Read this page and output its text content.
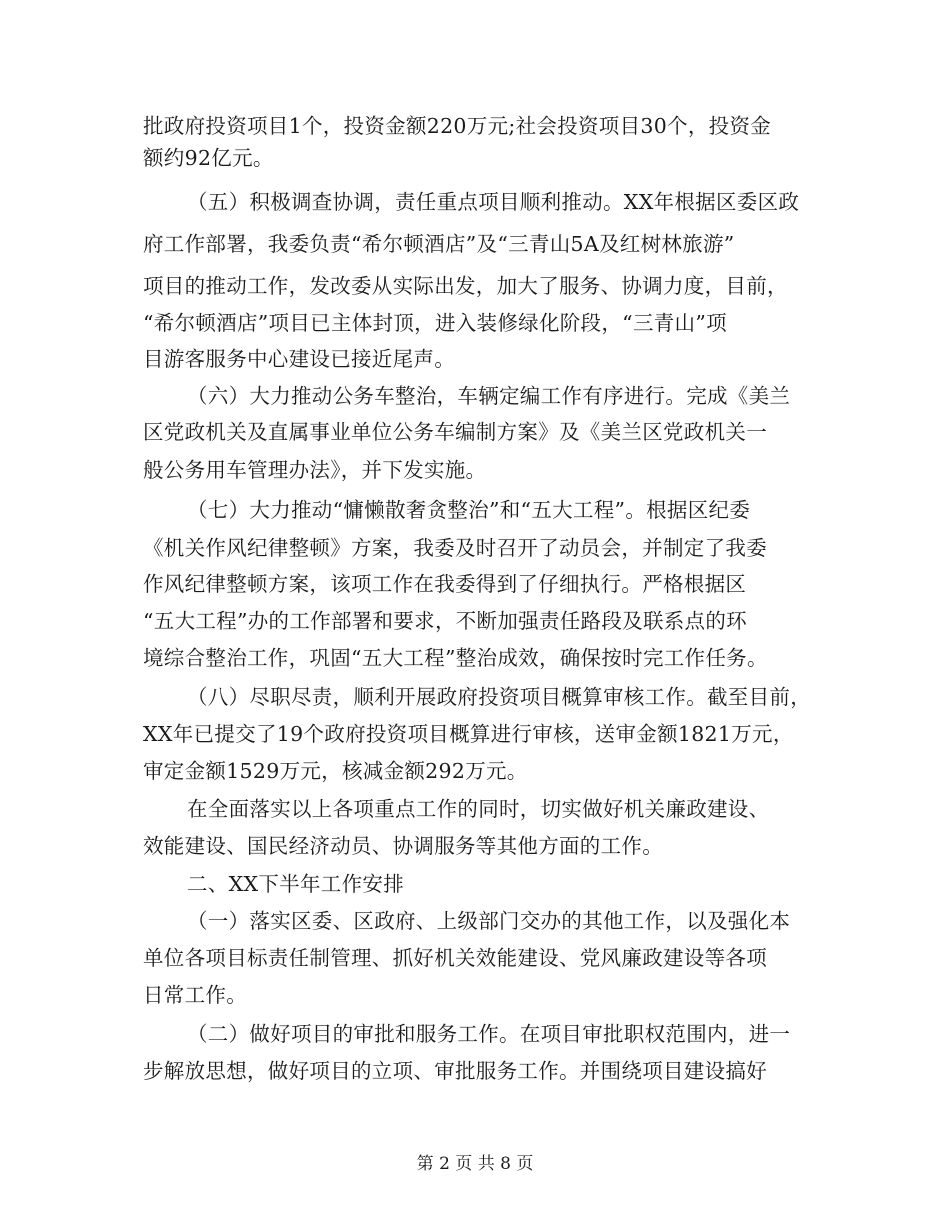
批政府投资项目1个，投资金额220万元;社会投资项目30个，投资金
额约92亿元。
（五）积极调查协调，责任重点项目顺利推动。XX年根据区委区政
府工作部署，我委负责“希尔顿酒店”及“三青山5A及红树林旅游”
项目的推动工作，发改委从实际出发，加大了服务、协调力度，目前，
“希尔顿酒店”项目已主体封顶，进入装修绿化阶段，“三青山”项
目游客服务中心建设已接近尾声。
（六）大力推动公务车整治，车辆定编工作有序进行。完成《美兰
区党政机关及直属事业单位公务车编制方案》及《美兰区党政机关一
般公务用车管理办法》，并下发实施。
（七）大力推动“慵懒散奢贪整治”和“五大工程”。根据区纪委
《机关作风纪律整顿》方案，我委及时召开了动员会，并制定了我委
作风纪律整顿方案，该项工作在我委得到了仔细执行。严格根据区
“五大工程”办的工作部署和要求，不断加强责任路段及联系点的环
境综合整治工作，巩固“五大工程”整治成效，确保按时完工作任务。
（八）尽职尽责，顺利开展政府投资项目概算审核工作。截至目前，
XX年已提交了19个政府投资项目概算进行审核，送审金额1821万元，
审定金额1529万元，核减金额292万元。
在全面落实以上各项重点工作的同时，切实做好机关廉政建设、
效能建设、国民经济动员、协调服务等其他方面的工作。
二、XX下半年工作安排
（一）落实区委、区政府、上级部门交办的其他工作，以及强化本
单位各项目标责任制管理、抓好机关效能建设、党风廉政建设等各项
日常工作。
（二）做好项目的审批和服务工作。在项目审批职权范围内，进一
步解放思想，做好项目的立项、审批服务工作。并围绕项目建设搞好
第 2 页 共 8 页
